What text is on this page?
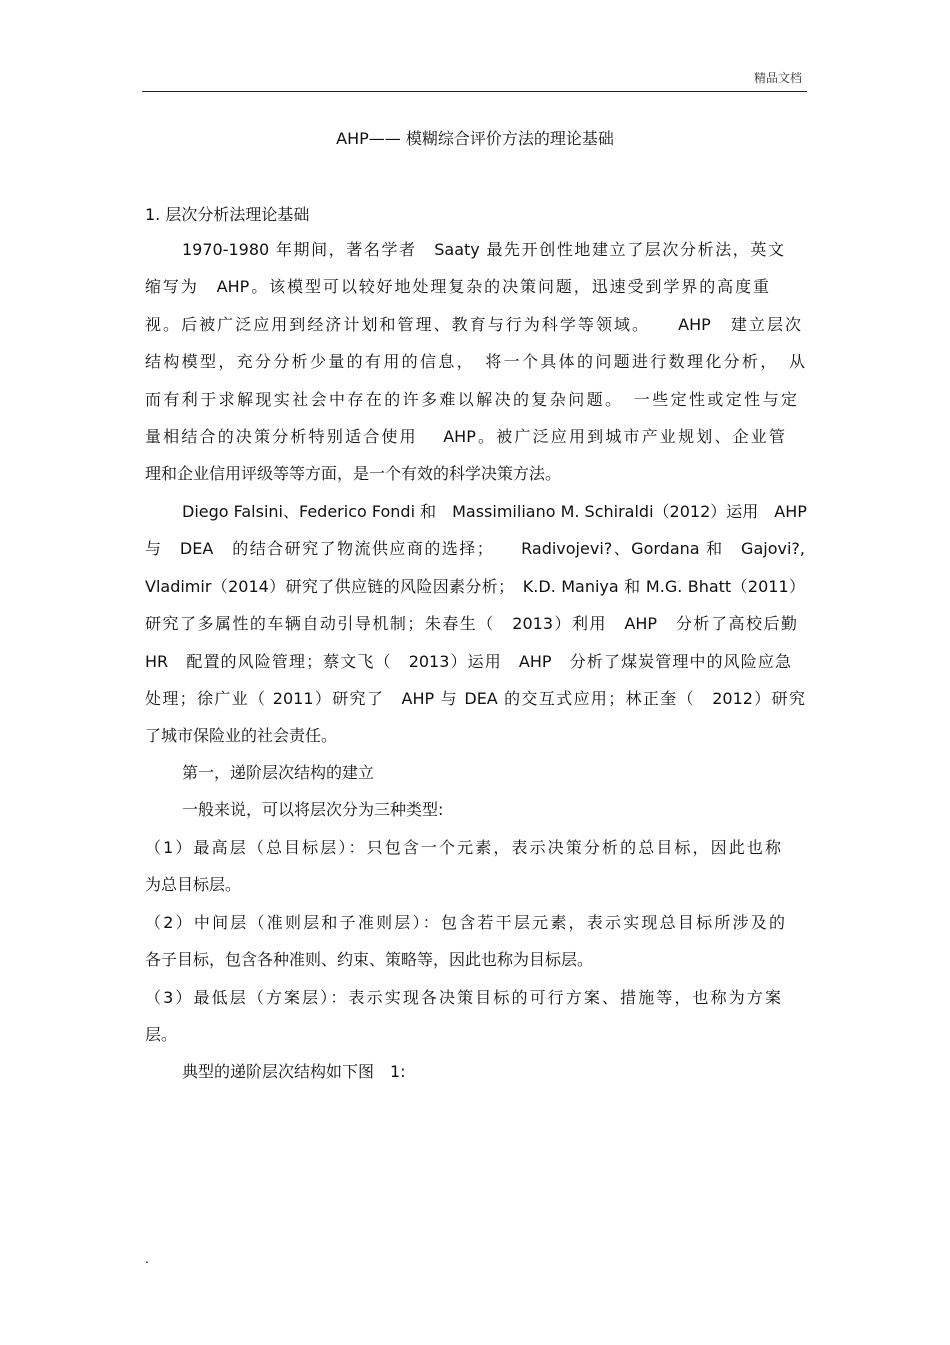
精品文档
AHP—— 模糊综合评价方法的理论基础
1. 层次分析法理论基础
1970-1980 年期间，著名学者　Saaty 最先开创性地建立了层次分析法，英文
缩写为　AHP。该模型可以较好地处理复杂的决策问题，迅速受到学界的高度重
视。后被广泛应用到经济计划和管理、教育与行为科学等领域。　　AHP　建立层次
结构模型，充分分析少量的有用的信息，　将一个具体的问题进行数理化分析，　从
而有利于求解现实社会中存在的许多难以解决的复杂问题。　一些定性或定性与定
量相结合的决策分析特别适合使用　 AHP。被广泛应用到城市产业规划、企业管
理和企业信用评级等等方面，是一个有效的科学决策方法。
Diego Falsini、Federico Fondi 和　Massimiliano M. Schiraldi（2012）运用　AHP
与　DEA　的结合研究了物流供应商的选择；　　Radivojevi?、Gordana 和　Gajovi?,
Vladimir（2014）研究了供应链的风险因素分析；　K.D. Maniya 和 M.G. Bhatt（2011）
研究了多属性的车辆自动引导机制；朱春生（　2013）利用　AHP　分析了高校后勤
HR　配置的风险管理；蔡文飞（　2013）运用　AHP　分析了煤炭管理中的风险应急
处理；徐广业（ 2011）研究了　AHP 与 DEA 的交互式应用；林正奎（　2012）研究
了城市保险业的社会责任。
第一，递阶层次结构的建立
一般来说，可以将层次分为三种类型:
（1）最高层（总目标层）：只包含一个元素，表示决策分析的总目标，因此也称
为总目标层。
（2）中间层（准则层和子准则层）：包含若干层元素，表示实现总目标所涉及的
各子目标，包含各种准则、约束、策略等，因此也称为目标层。
（3）最低层（方案层）：表示实现各决策目标的可行方案、措施等，也称为方案
层。
典型的递阶层次结构如下图　1:
.
